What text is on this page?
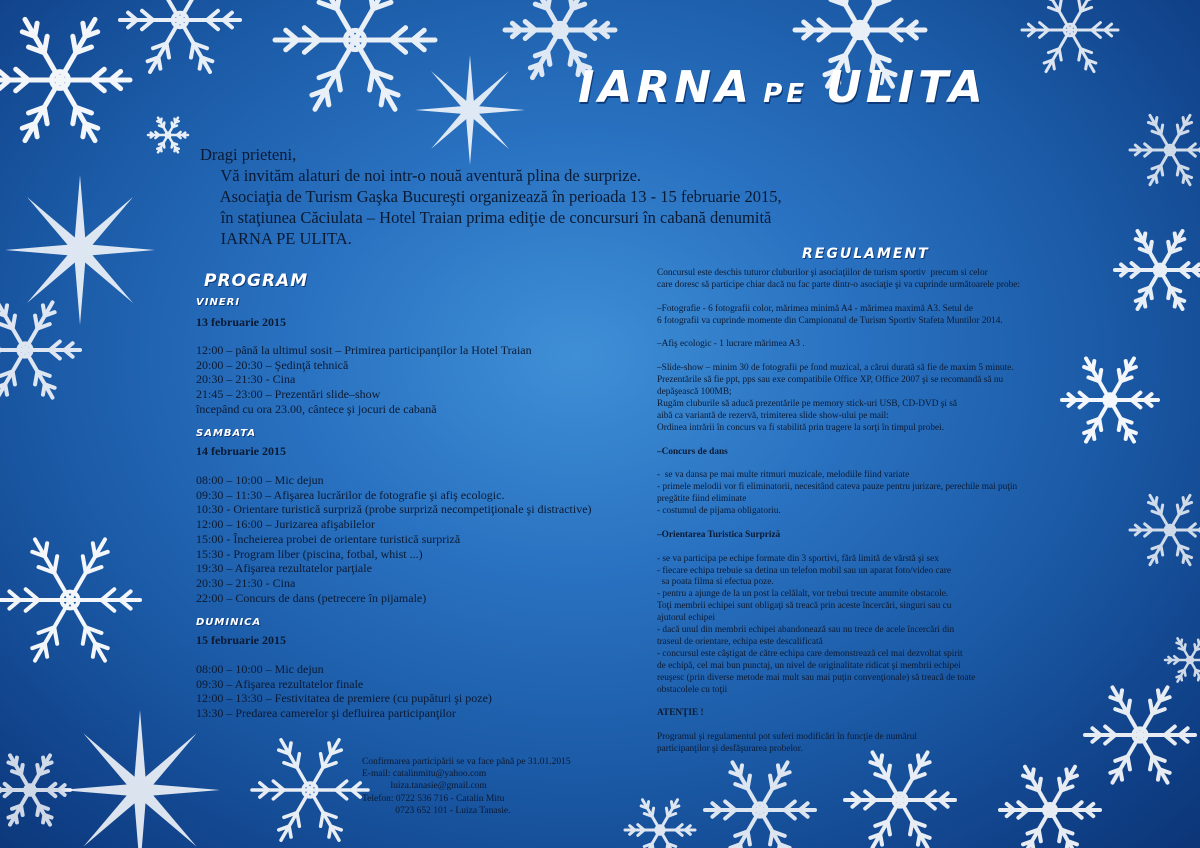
IARNA PE ULITA
Dragi prieteni,
Vă invităm alaturi de noi intr-o nouă aventură plina de surprize.
Asociaţia de Turism Gaşka Bucureşti organizează în perioada 13 - 15 februarie 2015,
în staţiunea Căciulata – Hotel Traian prima ediţie de concursuri în cabană denumită
IARNA PE ULITA.
PROGRAM
VINERI
13 februarie 2015
12:00 – până la ultimul sosit – Primirea participanţilor la Hotel Traian
20:00 – 20:30 – Şedinţă tehnică
20:30 – 21:30 - Cina
21:45 – 23:00 – Prezentări slide–show
începând cu ora 23.00, cântece şi jocuri de cabană
SAMBATA
14 februarie 2015
08:00 – 10:00 – Mic dejun
09:30 – 11:30 – Afişarea lucrărilor de fotografie şi afiş ecologic.
10:30 - Orientare turistică surpriză (probe surpriză necompetiţionale şi distractive)
12:00 – 16:00 – Jurizarea afişabilelor
15:00 - Încheierea probei de orientare turistică surpriză
15:30 - Program liber (piscina, fotbal, whist ...)
19:30 – Afişarea rezultatelor parţiale
20:30 – 21:30 - Cina
22:00 – Concurs de dans (petrecere în pijamale)
DUMINICA
15 februarie 2015
08:00 – 10:00 – Mic dejun
09:30 – Afişarea rezultatelor finale
12:00 – 13:30 – Festivitatea de premiere (cu pupături şi poze)
13:30 – Predarea camerelor şi defluirea participanţilor
REGULAMENT
Concursul este deschis tuturor cluburilor şi asociaţiilor de turism sportiv  precum si celor
care doresc să participe chiar dacă nu fac parte dintr-o asociaţie şi va cuprinde următoarele probe:
–Fotografie - 6 fotografii color, mărimea minimă A4 - mărimea maximă A3. Setul de
6 fotografii va cuprinde momente din Campionatul de Turism Sportiv Stafeta Muntilor 2014.
–Afiş ecologic - 1 lucrare mărimea A3 .
–Slide-show – minim 30 de fotografii pe fond muzical, a cărui durată să fie de maxim 5 minute.
Prezentările să fie ppt, pps sau exe compatibile Office XP, Office 2007 şi se recomandă să nu
depăşească 100MB;
Rugăm cluburile să aducă prezentările pe memory stick-uri USB, CD-DVD şi să
aibă ca variantă de rezervă, trimiterea slide show-ului pe mail:
Ordinea intrării în concurs va fi stabilită prin tragere la sorţi în timpul probei.
–Concurs de dans
-  se va dansa pe mai multe ritmuri muzicale, melodiile fiind variate
- primele melodii vor fi eliminatorii, necesitând cateva pauze pentru jurizare, perechile mai puţin
pregătite fiind eliminate
- costumul de pijama obligatoriu.
–Orientarea Turistica Surpriză
- se va participa pe echipe formate din 3 sportivi, fără limită de vârstă şi sex
- fiecare echipa trebuie sa detina un telefon mobil sau un aparat foto/video care
sa poata filma si efectua poze.
- pentru a ajunge de la un post la celălalt, vor trebui trecute anumite obstacole.
Toţi membrii echipei sunt obligaţi să treacă prin aceste încercări, singuri sau cu
ajutorul echipei
- dacă unul din membrii echipei abandonează sau nu trece de acele încercări din
traseul de orientare, echipa este descalificată
- concursul este câştigat de către echipa care demonstrează cel mai dezvoltat spirit
de echipă, cel mai bun punctaj, un nivel de originalitate ridicat şi membrii echipei
reuşesc (prin diverse metode mai mult sau mai puţin convenţionale) să treacă de toate
obstacolele cu toţii
ATENŢIE !
Programul şi regulamentul pot suferi modificări în funcţie de numărul
participanţilor şi desfăşurarea probelor.
Confirmarea participării se va face până pe 31.01.2015
E-mail: catalinmitu@yahoo.com
luiza.tanasie@gmail.com
Telefon: 0722 536 716 - Catalin Mitu
0723 652 101 - Luiza Tanasie.
